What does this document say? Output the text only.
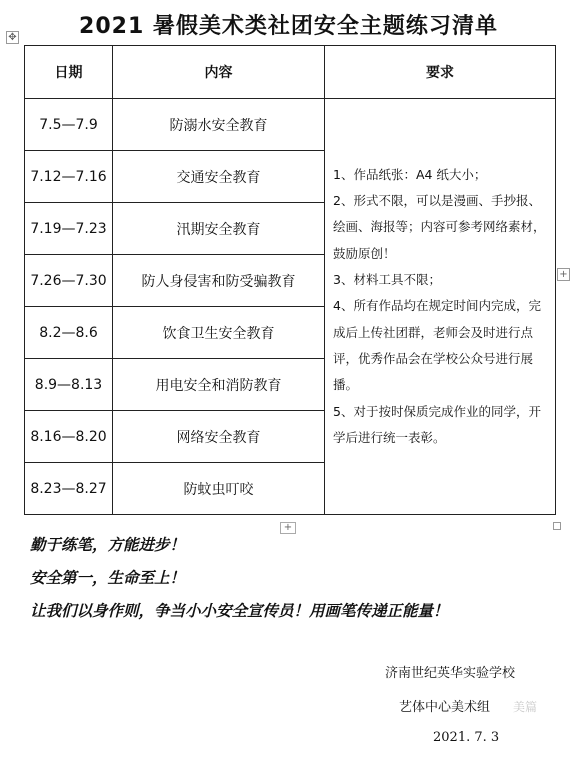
2021 暑假美术类社团安全主题练习清单
✥
日期	内容	要求
7.5—7.9	防溺水安全教育	1、作品纸张：A4 纸大小；

2、形式不限，可以是漫画、手抄报、绘画、海报等；内容可参考网络素材，鼓励原创！

3、材料工具不限；

4、所有作品均在规定时间内完成，完成后上传社团群，老师会及时进行点评，优秀作品会在学校公众号进行展播。

5、对于按时保质完成作业的同学，开学后进行统一表彰。

7.12—7.16	交通安全教育	
7.19—7.23	汛期安全教育	
7.26—7.30	防人身侵害和防受骗教育	
8.2—8.6	饮食卫生安全教育	
8.9—8.13	用电安全和消防教育	
8.16—8.20	网络安全教育	
8.23—8.27	防蚊虫叮咬	
+
+
勤于练笔，方能进步！
安全第一，生命至上！
让我们以身作则，争当小小安全宣传员！用画笔传递正能量！
济南世纪英华实验学校
艺体中心美术组
2021. 7. 3
美篇
